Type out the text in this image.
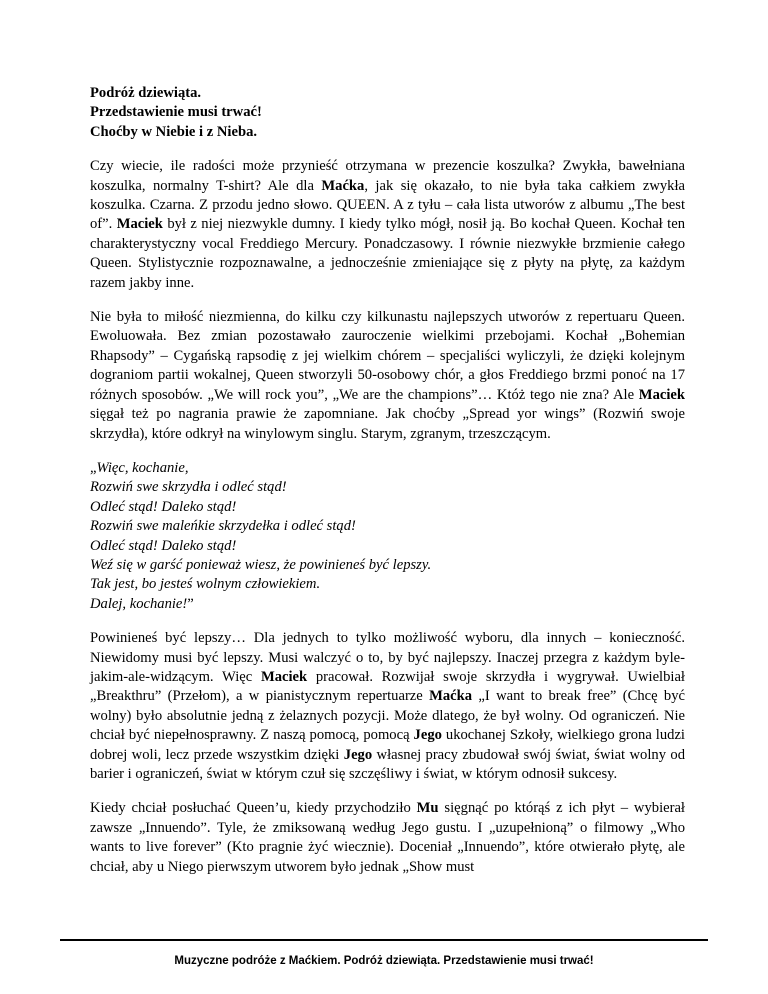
Podróż dziewiąta.

Przedstawienie musi trwać!

Choćby w Niebie i z Nieba.

Czy wiecie, ile radości może przynieść otrzymana w prezencie koszulka? Zwykła, bawełniana koszulka, normalny T-shirt? Ale dla Maćka, jak się okazało, to nie była taka całkiem zwykła koszulka. Czarna. Z przodu jedno słowo. QUEEN. A z tyłu – cała lista utworów z albumu „The best of”. Maciek był z niej niezwykle dumny. I kiedy tylko mógł, nosił ją. Bo kochał Queen. Kochał ten charakterystyczny vocal Freddiego Mercury. Ponadczasowy. I równie niezwykłe brzmienie całego Queen. Stylistycznie rozpoznawalne, a jednocześnie zmieniające się z płyty na płytę, za każdym razem jakby inne.

Nie była to miłość niezmienna, do kilku czy kilkunastu najlepszych utworów z repertuaru Queen. Ewoluowała. Bez zmian pozostawało zauroczenie wielkimi przebojami. Kochał „Bohemian Rhapsody” – Cygańską rapsodię z jej wielkim chórem – specjaliści wyliczyli, że dzięki kolejnym dograniom partii wokalnej, Queen stworzyli 50-osobowy chór, a głos Freddiego brzmi ponoć na 17 różnych sposobów. „We will rock you”, „We are the champions”… Któż tego nie zna? Ale Maciek sięgał też po nagrania prawie że zapomniane. Jak choćby „Spread yor wings” (Rozwiń swoje skrzydła), które odkrył na winylowym singlu. Starym, zgranym, trzeszczącym.

„Więc, kochanie,
Rozwiń swe skrzydła i odleć stąd!
Odleć stąd! Daleko stąd!
Rozwiń swe maleńkie skrzydełka i odleć stąd!
Odleć stąd! Daleko stąd!
Weź się w garść ponieważ wiesz, że powinieneś być lepszy.
Tak jest, bo jesteś wolnym człowiekiem.
Dalej, kochanie!”

Powinieneś być lepszy… Dla jednych to tylko możliwość wyboru, dla innych – konieczność. Niewidomy musi być lepszy. Musi walczyć o to, by być najlepszy. Inaczej przegra z każdym byle-jakim-ale-widzącym. Więc Maciek pracował. Rozwijał swoje skrzydła i wygrywał. Uwielbiał „Breakthru” (Przełom), a w pianistycznym repertuarze Maćka „I want to break free” (Chcę być wolny) było absolutnie jedną z żelaznych pozycji. Może dlatego, że był wolny. Od ograniczeń. Nie chciał być niepełnosprawny. Z naszą pomocą, pomocą Jego ukochanej Szkoły, wielkiego grona ludzi dobrej woli, lecz przede wszystkim dzięki Jego własnej pracy zbudował swój świat, świat wolny od barier i ograniczeń, świat w którym czuł się szczęśliwy i świat, w którym odnosił sukcesy.

Kiedy chciał posłuchać Queen’u, kiedy przychodziło Mu sięgnąć po którąś z ich płyt – wybierał zawsze „Innuendo”. Tyle, że zmiksowaną według Jego gustu. I „uzupełnioną” o filmowy „Who wants to live forever” (Kto pragnie żyć wiecznie). Doceniał „Innuendo”, które otwierało płytę, ale chciał, aby u Niego pierwszym utworem było jednak „Show must

Muzyczne podróże z Maćkiem. Podróż dziewiąta. Przedstawienie musi trwać!
